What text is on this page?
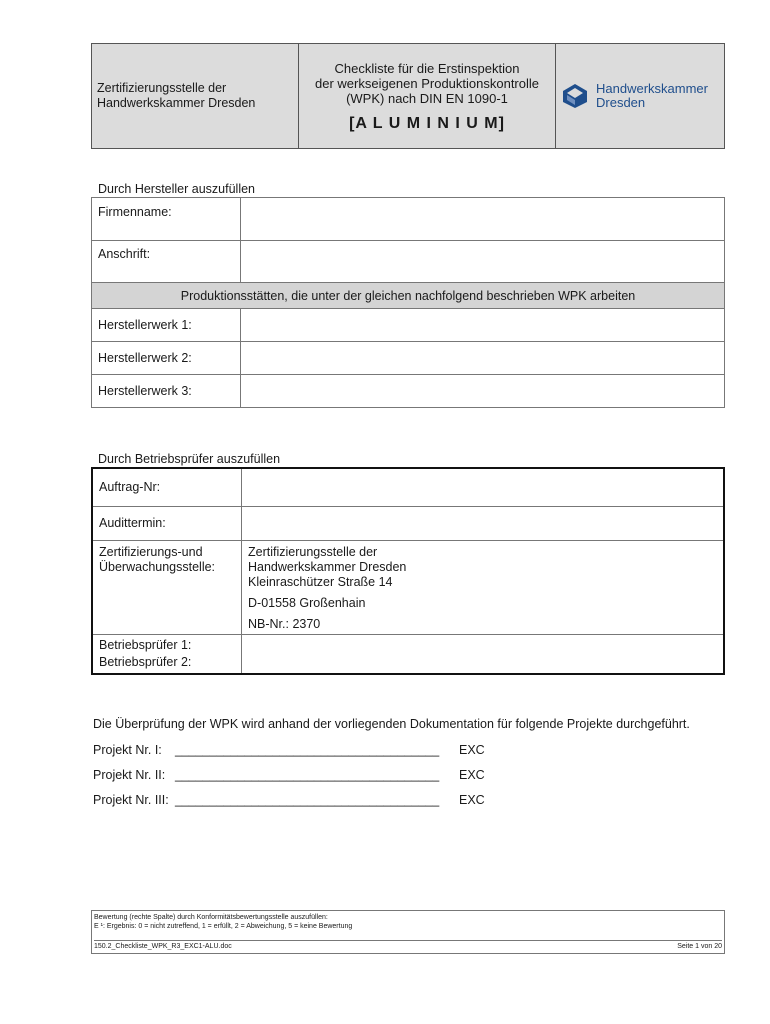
Zertifizierungsstelle der
Handwerkskammer Dresden	
Checkliste für die Erstinspektion
der werkseigenen Produktionskontrolle
(WPK) nach DIN EN 1090-1
[A L U M I N I U M]

Handwerkskammer
Dresden
Durch Hersteller auszufüllen
Firmenname:	
Anschrift:	
Produktionsstätten, die unter der gleichen nachfolgend beschrieben WPK arbeiten	
Herstellerwerk 1:	
Herstellerwerk 2:	
Herstellerwerk 3:	
Durch Betriebsprüfer auszufüllen
Auftrag-Nr:	
Audittermin:	

Zertifizierungs-und
Überwachungsstelle:	Zertifizierungsstelle der
Handwerkskammer Dresden
Kleinraschützer Straße 14
D-01558 Großenhain
NB-Nr.: 2370

Betriebsprüfer 1:
Betriebsprüfer 2:	

Die Überprüfung der WPK wird anhand der vorliegenden Dokumentation für folgende Projekte durchgeführt.
Projekt Nr. I: ______________________________________ EXC
Projekt Nr. II: ______________________________________ EXC
Projekt Nr. III: ______________________________________ EXC
Bewertung (rechte Spalte) durch Konformitätsbewertungsstelle auszufüllen:
E ¹: Ergebnis: 0 = nicht zutreffend, 1 = erfüllt, 2 = Abweichung, 5 = keine Bewertung
150.2_Checkliste_WPK_R3_EXC1-ALU.doc	Seite 1 von 20
